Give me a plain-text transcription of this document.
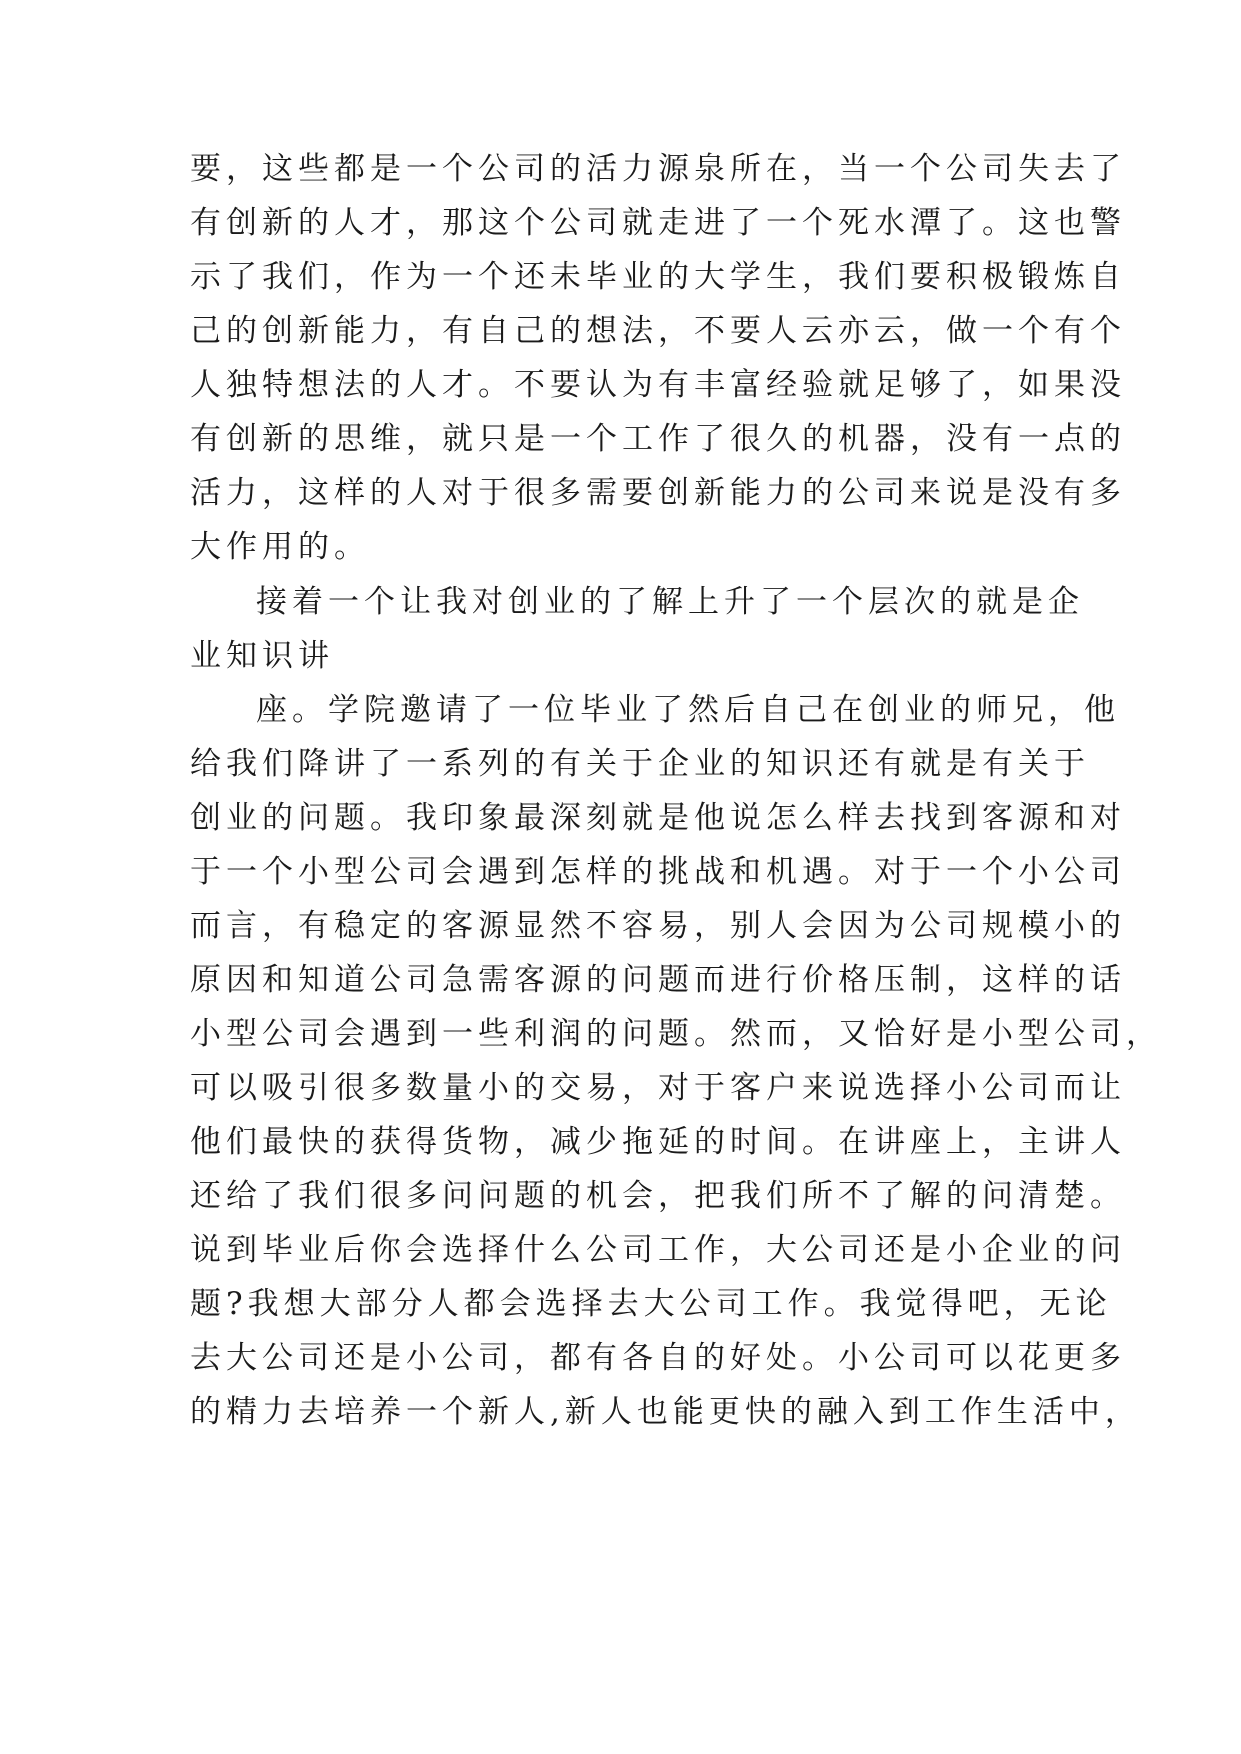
要，这些都是一个公司的活力源泉所在，当一个公司失去了
有创新的人才，那这个公司就走进了一个死水潭了。这也警
示了我们，作为一个还未毕业的大学生，我们要积极锻炼自
己的创新能力，有自己的想法，不要人云亦云，做一个有个
人独特想法的人才。不要认为有丰富经验就足够了，如果没
有创新的思维，就只是一个工作了很久的机器，没有一点的
活力，这样的人对于很多需要创新能力的公司来说是没有多
大作用的。
接着一个让我对创业的了解上升了一个层次的就是企
业知识讲
座。学院邀请了一位毕业了然后自己在创业的师兄，他
给我们降讲了一系列的有关于企业的知识还有就是有关于
创业的问题。我印象最深刻就是他说怎么样去找到客源和对
于一个小型公司会遇到怎样的挑战和机遇。对于一个小公司
而言，有稳定的客源显然不容易，别人会因为公司规模小的
原因和知道公司急需客源的问题而进行价格压制，这样的话
小型公司会遇到一些利润的问题。然而，又恰好是小型公司，
可以吸引很多数量小的交易，对于客户来说选择小公司而让
他们最快的获得货物，减少拖延的时间。在讲座上，主讲人
还给了我们很多问问题的机会，把我们所不了解的问清楚。
说到毕业后你会选择什么公司工作，大公司还是小企业的问
题?我想大部分人都会选择去大公司工作。我觉得吧，无论
去大公司还是小公司，都有各自的好处。小公司可以花更多
的精力去培养一个新人,新人也能更快的融入到工作生活中，
